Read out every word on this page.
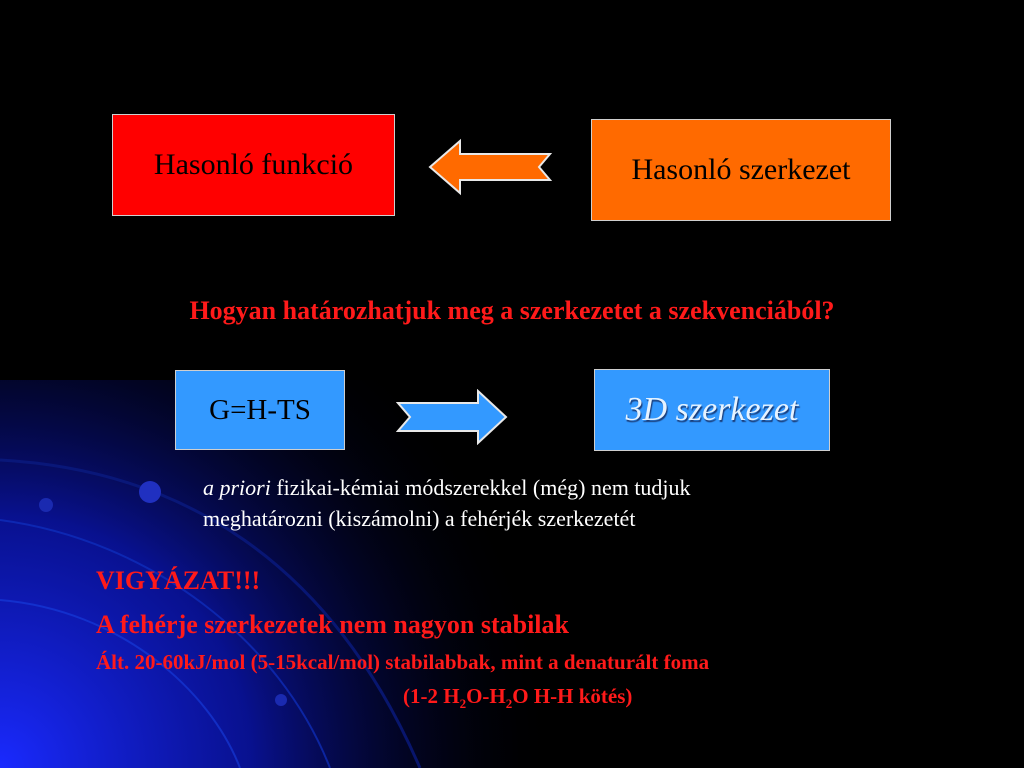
Hasonló funkció	Hasonló szerkezet
Hogyan határozhatjuk meg a szerkezetet a szekvenciából?
G=H-TS	3D szerkezet
a priori fizikai-kémiai módszerekkel (még) nem tudjuk
meghatározni (kiszámolni) a fehérjék szerkezetét
VIGYÁZAT!!!
A fehérje szerkezetek nem nagyon stabilak
Ált. 20-60kJ/mol (5-15kcal/mol) stabilabbak, mint a denaturált foma
(1-2 $H_2O-H_2O$ H-H kötés)
